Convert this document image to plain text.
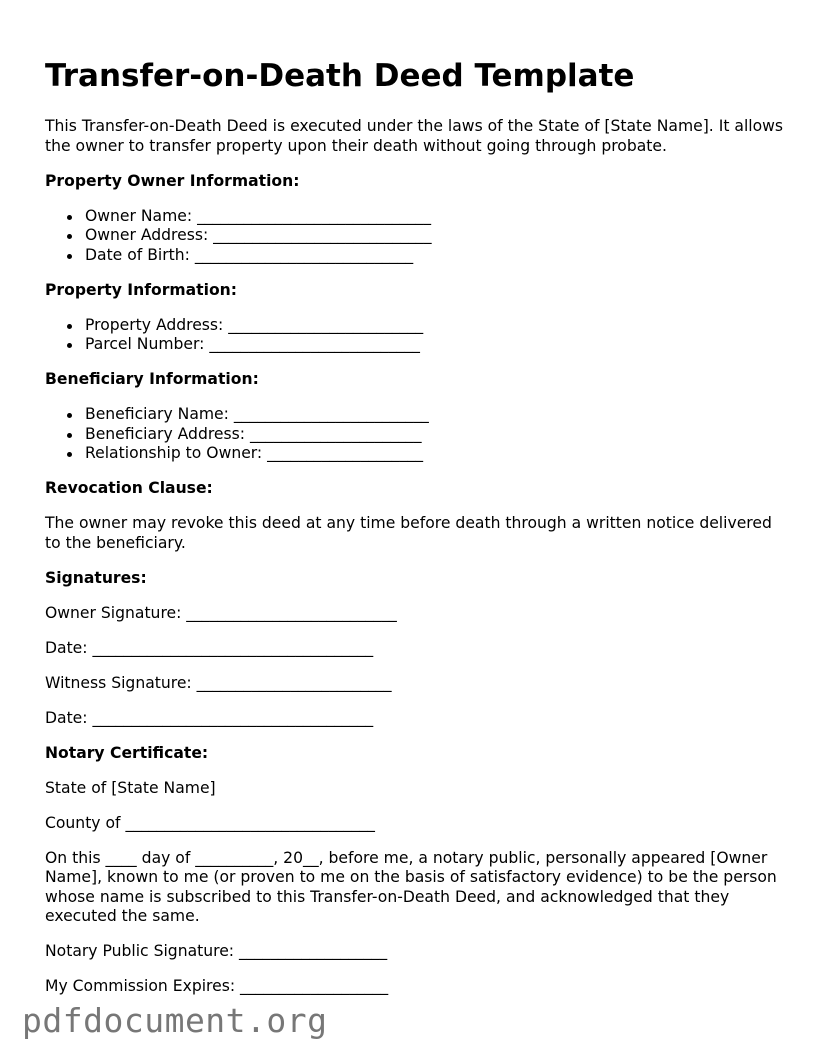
Transfer-on-Death Deed Template

This Transfer-on-Death Deed is executed under the laws of the State of [State Name]. It allows the owner to transfer property upon their death without going through probate.

Property Owner Information:
Owner Name: ______________________________
Owner Address: ____________________________
Date of Birth: ____________________________
Property Information:
Property Address: _________________________
Parcel Number: ___________________________
Beneficiary Information:
Beneficiary Name: _________________________
Beneficiary Address: ______________________
Relationship to Owner: ____________________
Revocation Clause:

The owner may revoke this deed at any time before death through a written notice delivered to the beneficiary.

Signatures:

Owner Signature: ___________________________

Date: ____________________________________

Witness Signature: _________________________

Date: ____________________________________

Notary Certificate:

State of [State Name]

County of ________________________________

On this ____ day of __________, 20__, before me, a notary public, personally appeared [Owner Name], known to me (or proven to me on the basis of satisfactory evidence) to be the person whose name is subscribed to this Transfer-on-Death Deed, and acknowledged that they executed the same.

Notary Public Signature: ___________________

My Commission Expires: ___________________

pdfdocument.org
